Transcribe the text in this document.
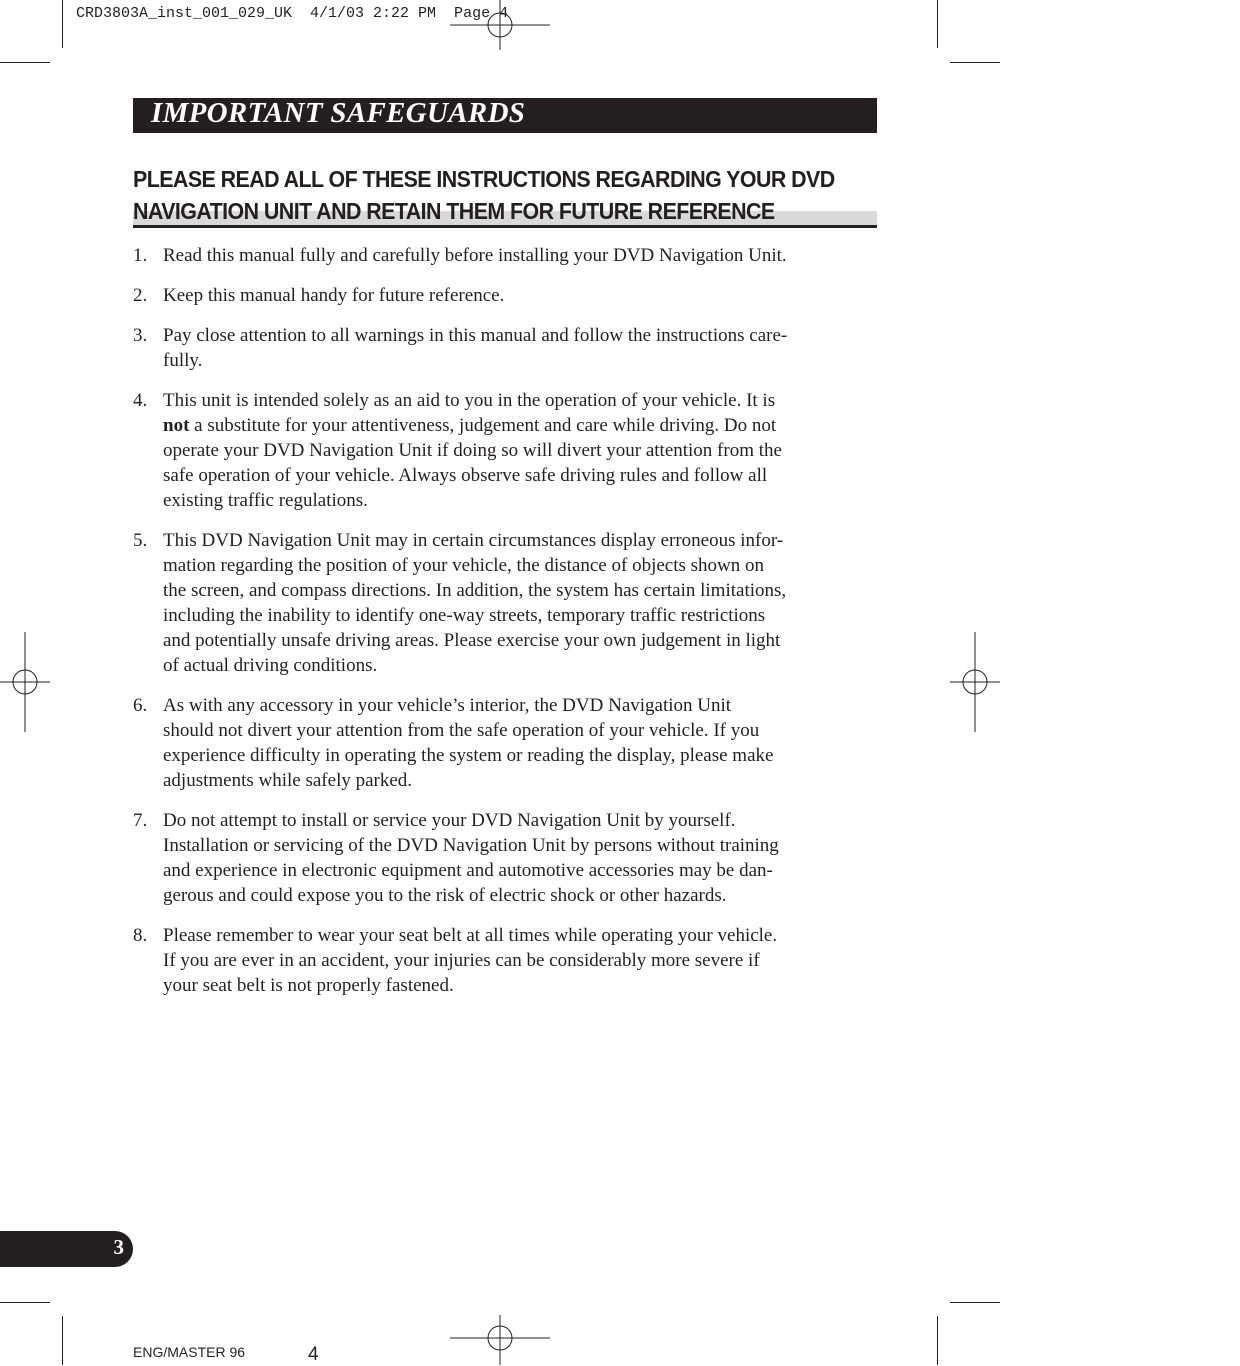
CRD3803A_inst_001_029_UK  4/1/03 2:22 PM  Page 4
IMPORTANT SAFEGUARDS
PLEASE READ ALL OF THESE INSTRUCTIONS REGARDING YOUR DVD
NAVIGATION UNIT AND RETAIN THEM FOR FUTURE REFERENCE
1. Read this manual fully and carefully before installing your DVD Navigation Unit.
2. Keep this manual handy for future reference.
3. Pay close attention to all warnings in this manual and follow the instructions care-
fully.
4. This unit is intended solely as an aid to you in the operation of your vehicle. It is
not a substitute for your attentiveness, judgement and care while driving. Do not
operate your DVD Navigation Unit if doing so will divert your attention from the
safe operation of your vehicle. Always observe safe driving rules and follow all
existing traffic regulations.
5. This DVD Navigation Unit may in certain circumstances display erroneous infor-
mation regarding the position of your vehicle, the distance of objects shown on
the screen, and compass directions. In addition, the system has certain limitations,
including the inability to identify one-way streets, temporary traffic restrictions
and potentially unsafe driving areas. Please exercise your own judgement in light
of actual driving conditions.
6. As with any accessory in your vehicle’s interior, the DVD Navigation Unit
should not divert your attention from the safe operation of your vehicle. If you
experience difficulty in operating the system or reading the display, please make
adjustments while safely parked.
7. Do not attempt to install or service your DVD Navigation Unit by yourself.
Installation or servicing of the DVD Navigation Unit by persons without training
and experience in electronic equipment and automotive accessories may be dan-
gerous and could expose you to the risk of electric shock or other hazards.
8. Please remember to wear your seat belt at all times while operating your vehicle.
If you are ever in an accident, your injuries can be considerably more severe if
your seat belt is not properly fastened.
3
ENG/MASTER 96	4
